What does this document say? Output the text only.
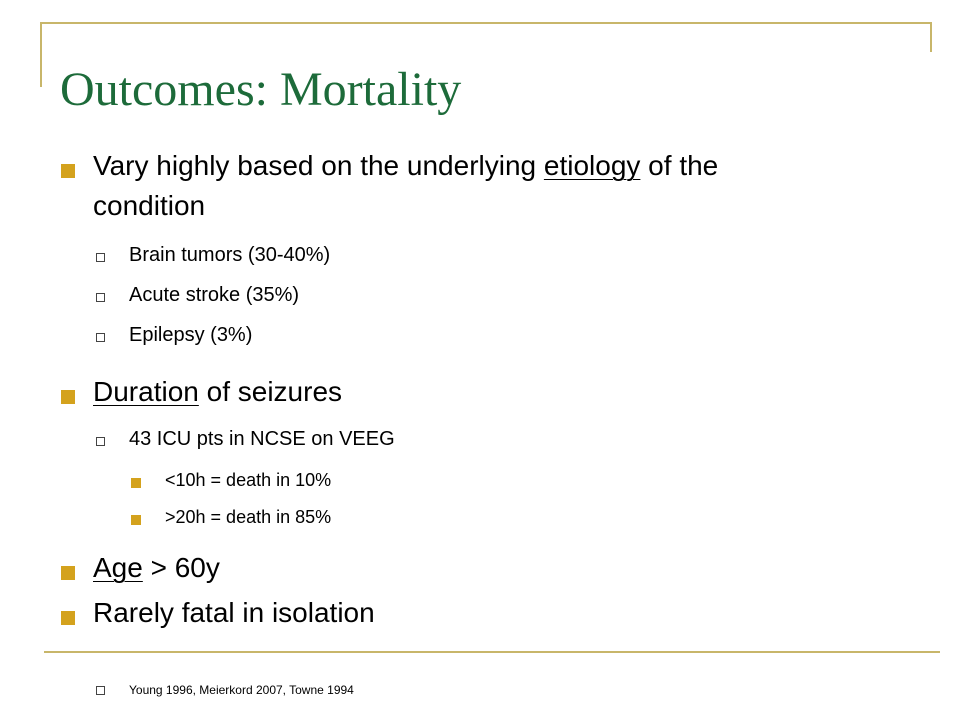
Outcomes: Mortality
Vary highly based on the underlying etiology of the
condition
Brain tumors (30-40%)
Acute stroke (35%)
Epilepsy (3%)
Duration of seizures
43 ICU pts in NCSE on VEEG
<10h = death in 10%
>20h = death in 85%
Age > 60y
Rarely fatal in isolation
Young 1996, Meierkord 2007, Towne 1994
